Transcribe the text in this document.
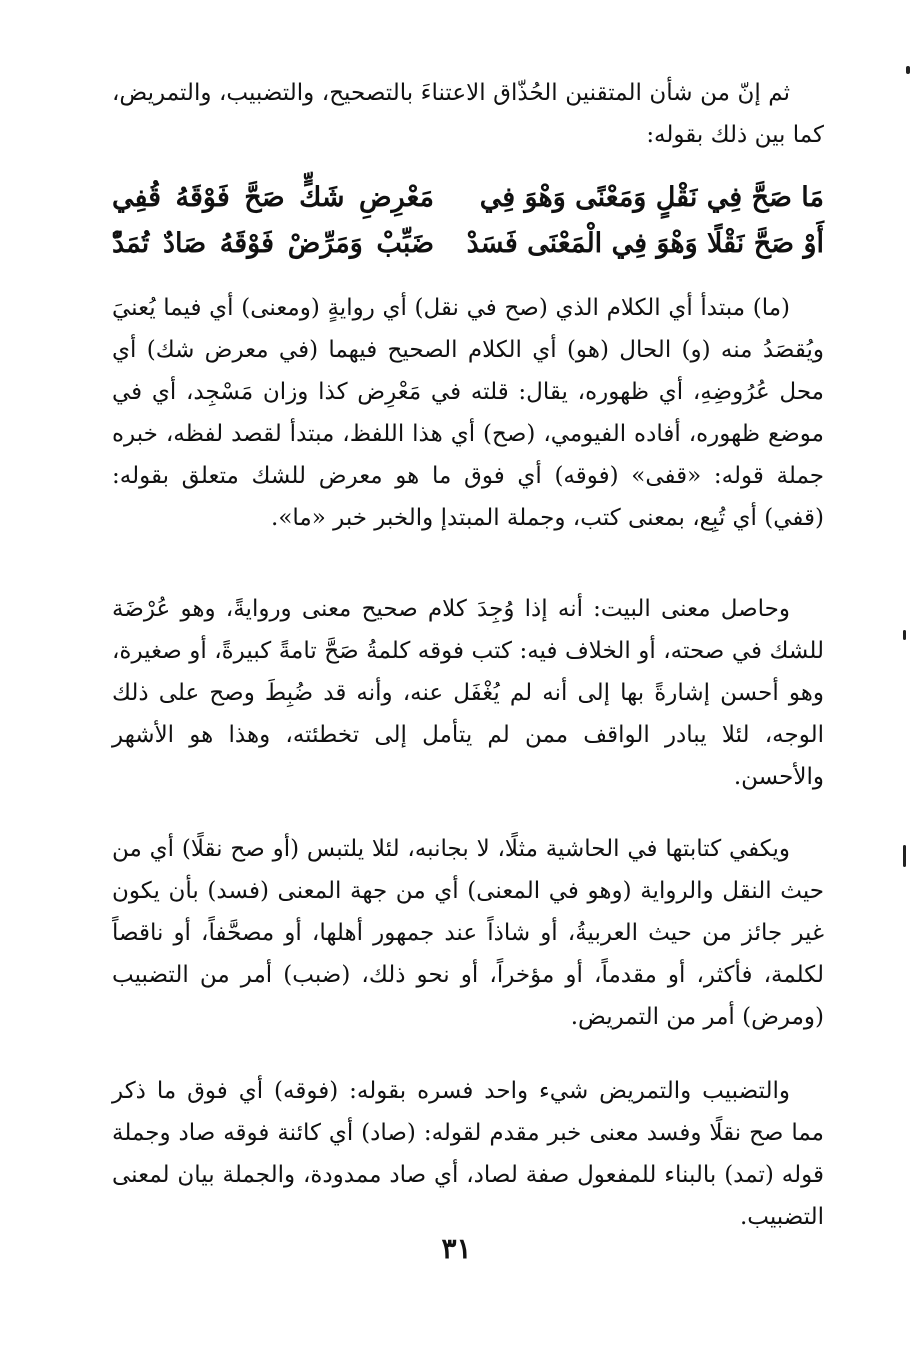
ثم إنّ من شأن المتقنين الحُذّاق الاعتناءَ بالتصحيح، والتضبيب، والتمريض، كما بين ذلك بقوله:

مَا صَحَّ فِي نَقْلٍ وَمَعْنًى وَهْوَ فِي
مَعْرِضِ شَكٍّ صَحَّ فَوْقَهُ قُفِي
أَوْ صَحَّ نَقْلًا وَهْوَ فِي الْمَعْنَى فَسَدْ
ضَبِّبْ وَمَرِّضْ فَوْقَهُ صَادٌ تُمَدّْ

(ما) مبتدأ أي الكلام الذي (صح في نقل) أي روايةٍ (ومعنى) أي فيما يُعنيَ ويُقصَدُ منه (و) الحال (هو) أي الكلام الصحيح فيهما (في معرض شك) أي محل عُرُوضِهِ، أي ظهوره، يقال: قلته في مَعْرِض كذا وزان مَسْجِد، أي في موضع ظهوره، أفاده الفيومي، (صح) أي هذا اللفظ، مبتدأ لقصد لفظه، خبره جملة قوله: «قفى» (فوقه) أي فوق ما هو معرض للشك متعلق بقوله: (قفي) أي تُبِع، بمعنى كتب، وجملة المبتدإ والخبر خبر «ما».

وحاصل معنى البيت: أنه إذا وُجِدَ كلام صحيح معنى وروايةً، وهو عُرْضَة للشك في صحته، أو الخلاف فيه: كتب فوقه كلمةُ صَحَّ تامةً كبيرةً، أو صغيرة، وهو أحسن إشارةً بها إلى أنه لم يُغْفَل عنه، وأنه قد ضُبِطَ وصح على ذلك الوجه، لئلا يبادر الواقف ممن لم يتأمل إلى تخطئته، وهذا هو الأشهر والأحسن.

ويكفي كتابتها في الحاشية مثلًا، لا بجانبه، لئلا يلتبس (أو صح نقلًا) أي من حيث النقل والرواية (وهو في المعنى) أي من جهة المعنى (فسد) بأن يكون غير جائز من حيث العربيةُ، أو شاذاً عند جمهور أهلها، أو مصحَّفاً، أو ناقصاً لكلمة، فأكثر، أو مقدماً، أو مؤخراً، أو نحو ذلك، (ضبب) أمر من التضبيب (ومرض) أمر من التمريض.

والتضبيب والتمريض شيء واحد فسره بقوله: (فوقه) أي فوق ما ذكر مما صح نقلًا وفسد معنى خبر مقدم لقوله: (صاد) أي كائنة فوقه صاد وجملة قوله (تمد) بالبناء للمفعول صفة لصاد، أي صاد ممدودة، والجملة بيان لمعنى التضبيب.

٣١
